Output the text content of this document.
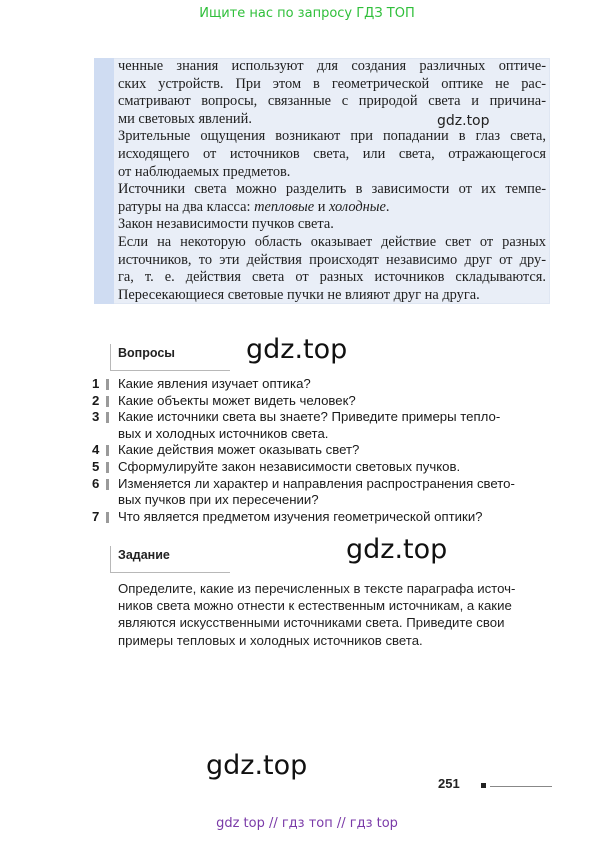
Ищите нас по запросу ГДЗ ТОП
ченные знания используют для создания различных оптиче-
ских устройств. При этом в геометрической оптике не рас-
сматривают вопросы, связанные с природой света и причина-
ми световых явлений.
Зрительные ощущения возникают при попадании в глаз света,
исходящего от источников света, или света, отражающегося
от наблюдаемых предметов.
Источники света можно разделить в зависимости от их темпе-
ратуры на два класса: тепловые и холодные.
Закон независимости пучков света.
Если на некоторую область оказывает действие свет от разных
источников, то эти действия происходят независимо друг от дру-
га, т. е. действия света от разных источников складываются.
Пересекающиеся световые пучки не влияют друг на друга.
gdz.top
Вопросы	gdz.top
1	Какие явления изучает оптика?
2	Какие объекты может видеть человек?
3	Какие источники света вы знаете? Приведите примеры тепло-
вых и холодных источников света.
4	Какие действия может оказывать свет?
5	Сформулируйте закон независимости световых пучков.
6	Изменяется ли характер и направления распространения свето-
вых пучков при их пересечении?
7	Что является предметом изучения геометрической оптики?
Задание	gdz.top
Определите, какие из перечисленных в тексте параграфа источ-
ников света можно отнести к естественным источникам, а какие
являются искусственными источниками света. Приведите свои
примеры тепловых и холодных источников света.
gdz.top
251
gdz top // гдз топ // гдз top
